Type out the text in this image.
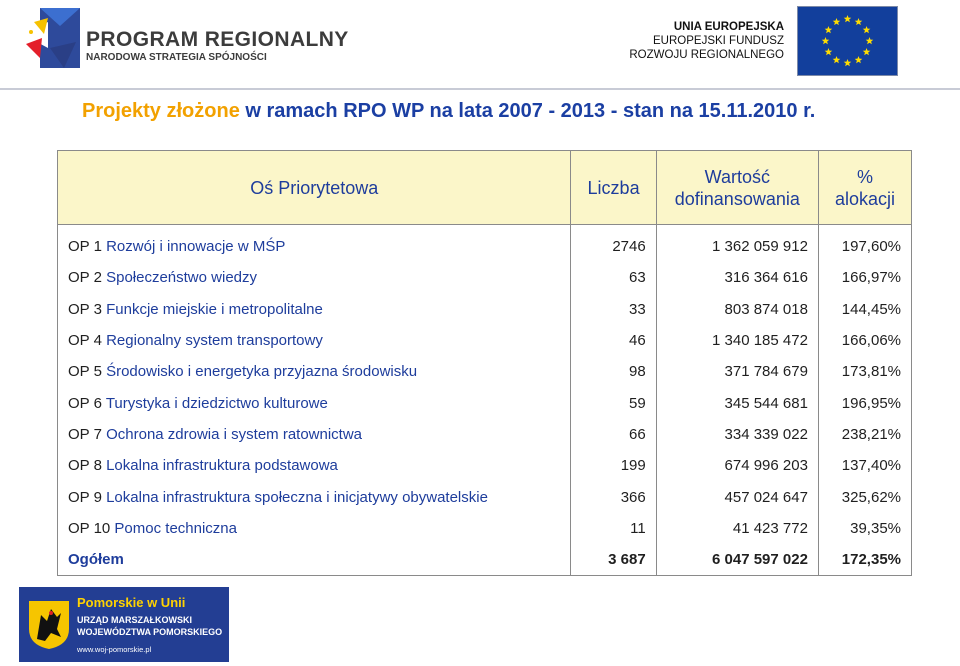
PROGRAM REGIONALNY
NARODOWA STRATEGIA SPÓJNOŚCI
UNIA EUROPEJSKA
EUROPEJSKI FUNDUSZ
ROZWOJU REGIONALNEGO
Projekty złożone w ramach RPO WP na lata 2007 - 2013 - stan na 15.11.2010 r.
Oś Priorytetowa	Liczba	Wartość dofinansowania	% alokacji
OP 1 Rozwój i innowacje w MŚP	2746	1 362 059 912	197,60%
OP 2 Społeczeństwo wiedzy	63	316 364 616	166,97%
OP 3 Funkcje miejskie i metropolitalne	33	803 874 018	144,45%
OP 4 Regionalny system transportowy	46	1 340 185 472	166,06%
OP 5 Środowisko i energetyka przyjazna środowisku	98	371 784 679	173,81%
OP 6 Turystyka i dziedzictwo kulturowe	59	345 544 681	196,95%
OP 7 Ochrona zdrowia i system ratownictwa	66	334 339 022	238,21%
OP 8 Lokalna infrastruktura podstawowa	199	674 996 203	137,40%
OP 9 Lokalna infrastruktura społeczna i inicjatywy obywatelskie	366	457 024 647	325,62%
OP 10 Pomoc techniczna	11	41 423 772	39,35%
Ogółem	3 687	6 047 597 022	172,35%
Pomorskie w Unii
URZĄD MARSZAŁKOWSKI
WOJEWÓDZTWA POMORSKIEGO
www.woj-pomorskie.pl
